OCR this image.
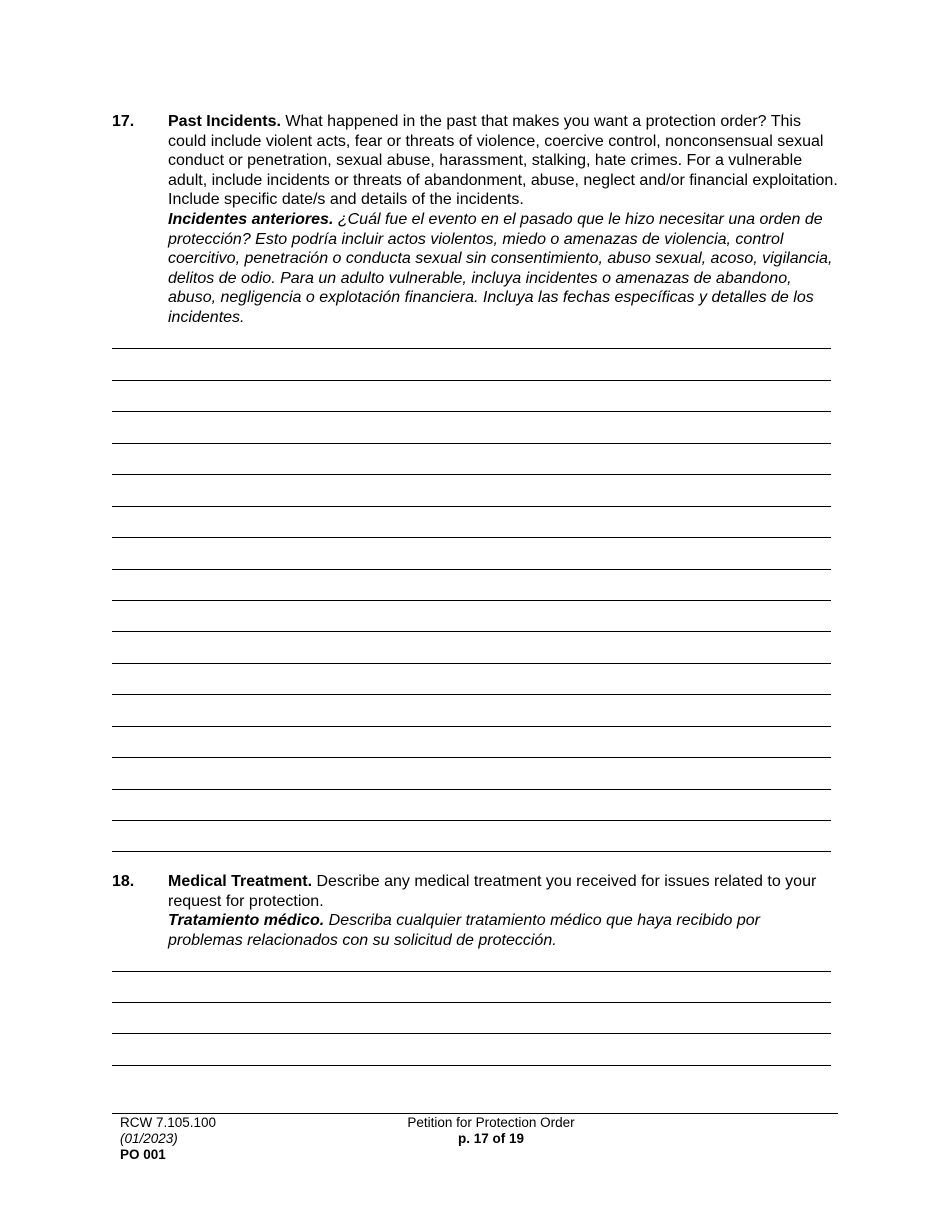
17. Past Incidents. What happened in the past that makes you want a protection order? This could include violent acts, fear or threats of violence, coercive control, nonconsensual sexual conduct or penetration, sexual abuse, harassment, stalking, hate crimes. For a vulnerable adult, include incidents or threats of abandonment, abuse, neglect and/or financial exploitation. Include specific date/s and details of the incidents.
Incidentes anteriores. ¿Cuál fue el evento en el pasado que le hizo necesitar una orden de protección? Esto podría incluir actos violentos, miedo o amenazas de violencia, control coercitivo, penetración o conducta sexual sin consentimiento, abuso sexual, acoso, vigilancia, delitos de odio. Para un adulto vulnerable, incluya incidentes o amenazas de abandono, abuso, negligencia o explotación financiera. Incluya las fechas específicas y detalles de los incidentes.
18. Medical Treatment. Describe any medical treatment you received for issues related to your request for protection.
Tratamiento médico. Describa cualquier tratamiento médico que haya recibido por problemas relacionados con su solicitud de protección.
RCW 7.105.100
(01/2023)
PO 001
Petition for Protection Order
p. 17 of 19
